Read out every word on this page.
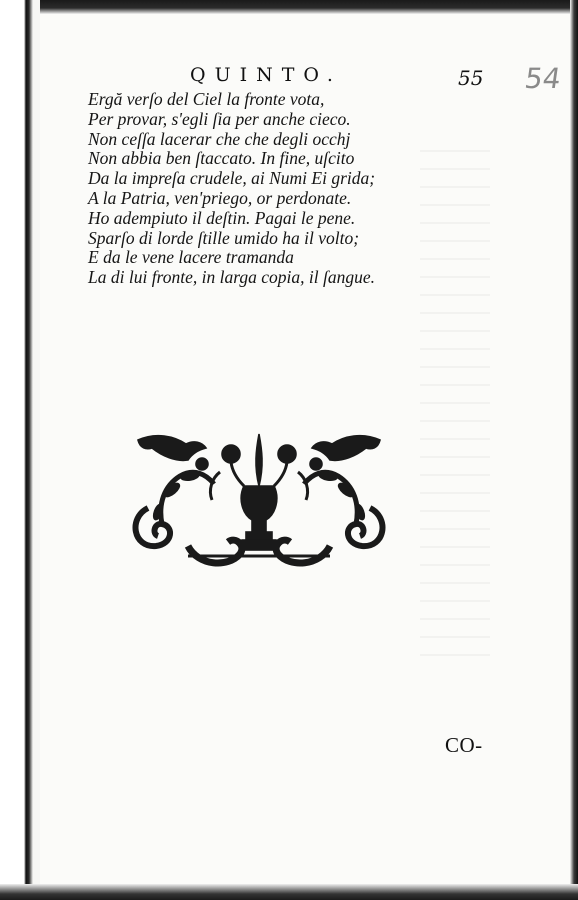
QUINTO.	55 54
Ergă verſo del Ciel la fronte vota,
Per provar, s'egli ſia per anche cieco.
Non ceſſa lacerar che che degli occhj
Non abbia ben ſtaccato. In fine, uſcito
Da la impreſa crudele, ai Numi Ei grida;
A la Patria, ven'priego, or perdonate.
Ho adempiuto il deſtin. Pagai le pene.
Sparſo di lorde ſtille umido ha il volto;
E da le vene lacere tramanda
La di lui fronte, in larga copia, il ſangue.
CO-
